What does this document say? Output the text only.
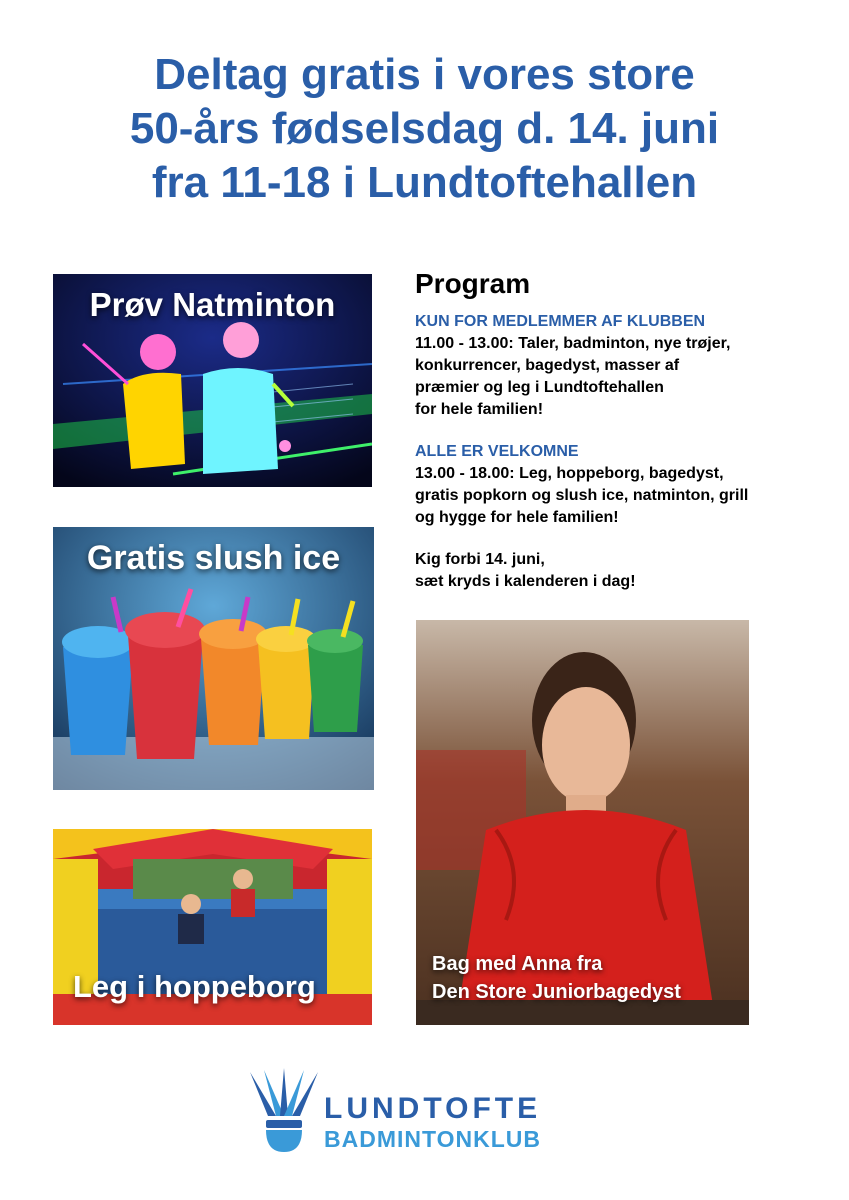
Deltag gratis i vores store
50-års fødselsdag d. 14. juni
fra 11-18 i Lundtoftehallen
Prøv Natminton
Gratis slush ice
Leg i hoppeborg
Bag med Anna fra
Den Store Juniorbagedyst
Program
KUN FOR MEDLEMMER AF KLUBBEN
11.00 - 13.00: Taler, badminton, nye trøjer,
konkurrencer, bagedyst, masser af
præmier og leg i Lundtoftehallen
for hele familien!
ALLE ER VELKOMNE
13.00 - 18.00: Leg, hoppeborg, bagedyst,
gratis popkorn og slush ice, natminton, grill
og hygge for hele familien!
Kig forbi 14. juni,
sæt kryds i kalenderen i dag!
LUNDTOFTE
BADMINTONKLUB
